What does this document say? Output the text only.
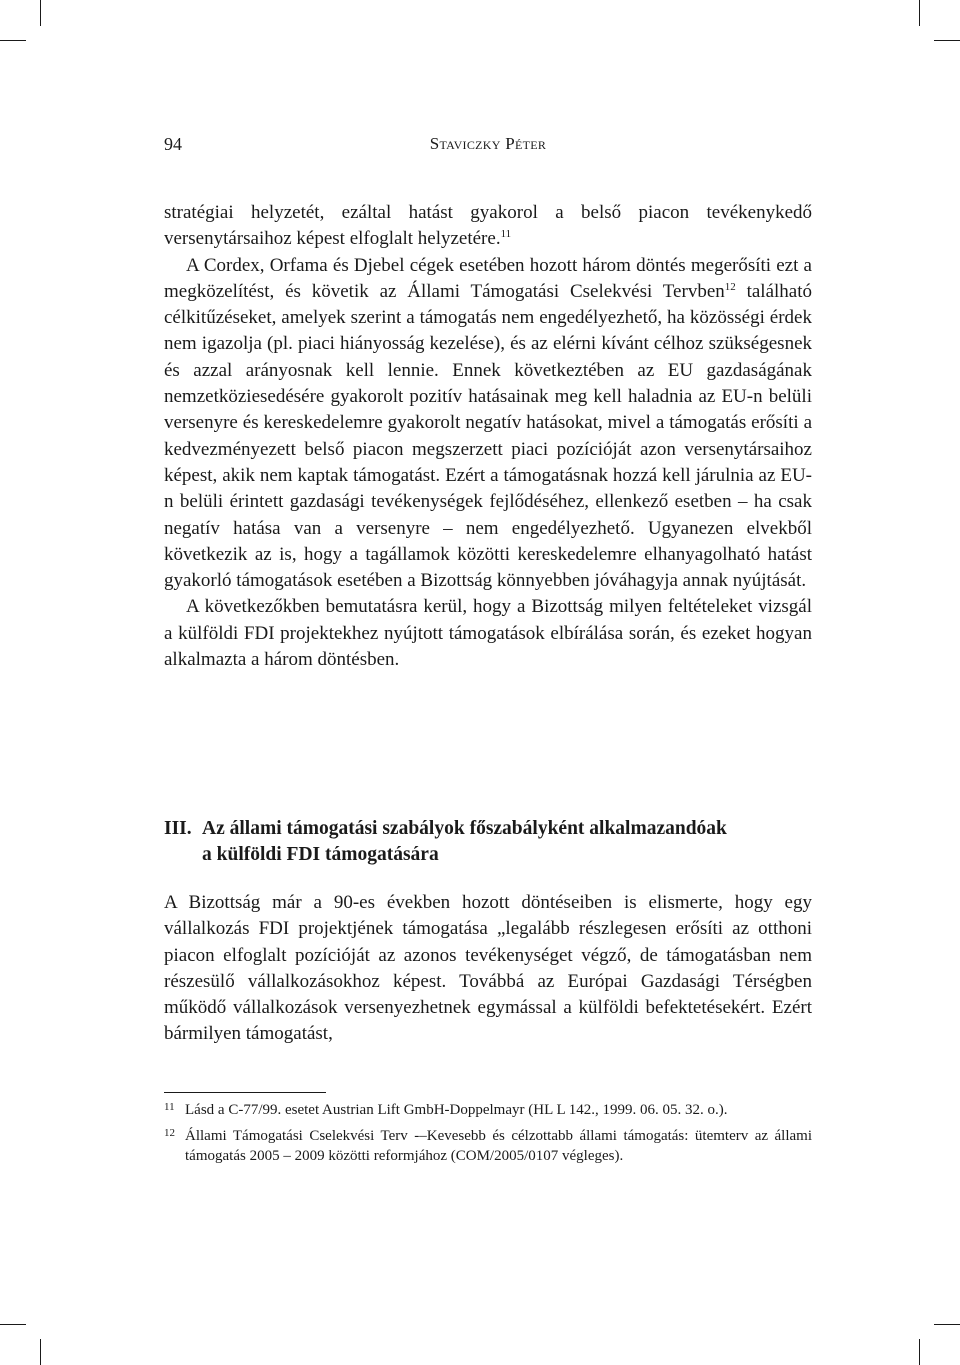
94	Staviczky Péter

stratégiai helyzetét, ezáltal hatást gyakorol a belső piacon tevékenykedő versenytársaihoz képest elfoglalt helyzetére.$^{11}$

A Cordex, Orfama és Djebel cégek esetében hozott három döntés megerősíti ezt a megközelítést, és követik az Állami Támogatási Cselekvési Tervben$^{12}$ található célkitűzéseket, amelyek szerint a támogatás nem engedélyezhető, ha közösségi érdek nem igazolja (pl. piaci hiányosság kezelése), és az elérni kívánt célhoz szükségesnek és azzal arányosnak kell lennie. Ennek következtében az EU gazdaságának nemzetköziesedésére gyakorolt pozitív hatásainak meg kell haladnia az EU-n belüli versenyre és kereskedelemre gyakorolt negatív hatásokat, mivel a támogatás erősíti a kedvezményezett belső piacon megszerzett piaci pozícióját azon versenytársaihoz képest, akik nem kaptak támogatást. Ezért a támogatásnak hozzá kell járulnia az EU-n belüli érintett gazdasági tevékenységek fejlődéséhez, ellenkező esetben – ha csak negatív hatása van a versenyre – nem engedélyezhető. Ugyanezen elvekből következik az is, hogy a tagállamok közötti kereskedelemre elhanyagolható hatást gyakorló támogatások esetében a Bizottság könnyebben jóváhagyja annak nyújtását.

A következőkben bemutatásra kerül, hogy a Bizottság milyen feltételeket vizsgál a külföldi FDI projektekhez nyújtott támogatások elbírálása során, és ezeket hogyan alkalmazta a három döntésben.

III. Az állami támogatási szabályok főszabályként alkalmazandóak
a külföldi FDI támogatására

A Bizottság már a 90-es években hozott döntéseiben is elismerte, hogy egy vállalkozás FDI projektjének támogatása „legalább részlegesen erősíti az otthoni piacon elfoglalt pozícióját az azonos tevékenységet végző, de támogatásban nem részesülő vállalkozásokhoz képest. Továbbá az Európai Gazdasági Térségben működő vállalkozások versenyezhetnek egymással a külföldi befektetésekért. Ezért bármilyen támogatást,

11 Lásd a C-77/99. esetet Austrian Lift GmbH-Doppelmayr (HL L 142., 1999. 06. 05. 32. o.).
12 Állami Támogatási Cselekvési Terv -–Kevesebb és célzottabb állami támogatás: ütemterv az állami támogatás 2005 – 2009 közötti reformjához (COM/2005/0107 végleges).
